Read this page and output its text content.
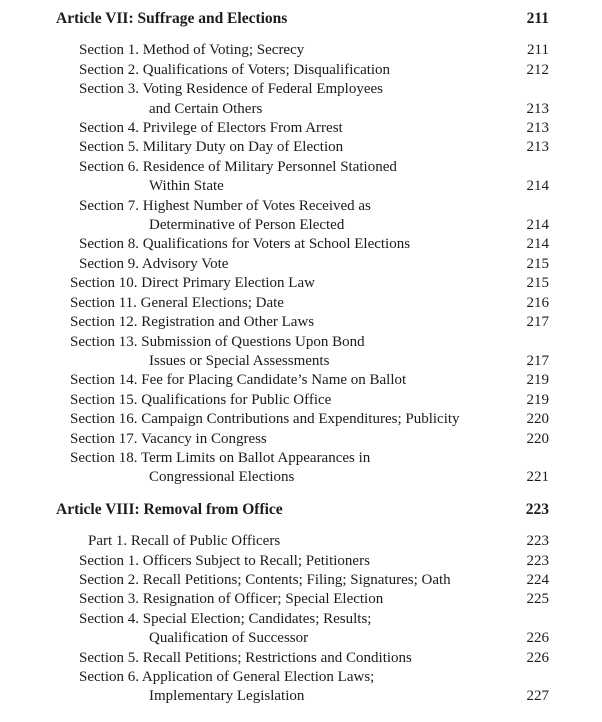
Article VII: Suffrage and Elections	211
Section 1. Method of Voting; Secrecy	211
Section 2. Qualifications of Voters; Disqualification	212
Section 3. Voting Residence of Federal Employees
and Certain Others	213
Section 4. Privilege of Electors From Arrest	213
Section 5. Military Duty on Day of Election	213
Section 6. Residence of Military Personnel Stationed
Within State	214
Section 7. Highest Number of Votes Received as
Determinative of Person Elected	214
Section 8. Qualifications for Voters at School Elections	214
Section 9. Advisory Vote	215
Section 10. Direct Primary Election Law	215
Section 11. General Elections; Date	216
Section 12. Registration and Other Laws	217
Section 13. Submission of Questions Upon Bond
Issues or Special Assessments	217
Section 14. Fee for Placing Candidate’s Name on Ballot	219
Section 15. Qualifications for Public Office	219
Section 16. Campaign Contributions and Expenditures; Publicity	220
Section 17. Vacancy in Congress	220
Section 18. Term Limits on Ballot Appearances in
Congressional Elections	221
Article VIII: Removal from Office	223
Part 1. Recall of Public Officers	223
Section 1. Officers Subject to Recall; Petitioners	223
Section 2. Recall Petitions; Contents; Filing; Signatures; Oath	224
Section 3. Resignation of Officer; Special Election	225
Section 4. Special Election; Candidates; Results;
Qualification of Successor	226
Section 5. Recall Petitions; Restrictions and Conditions	226
Section 6. Application of General Election Laws;
Implementary Legislation	227
